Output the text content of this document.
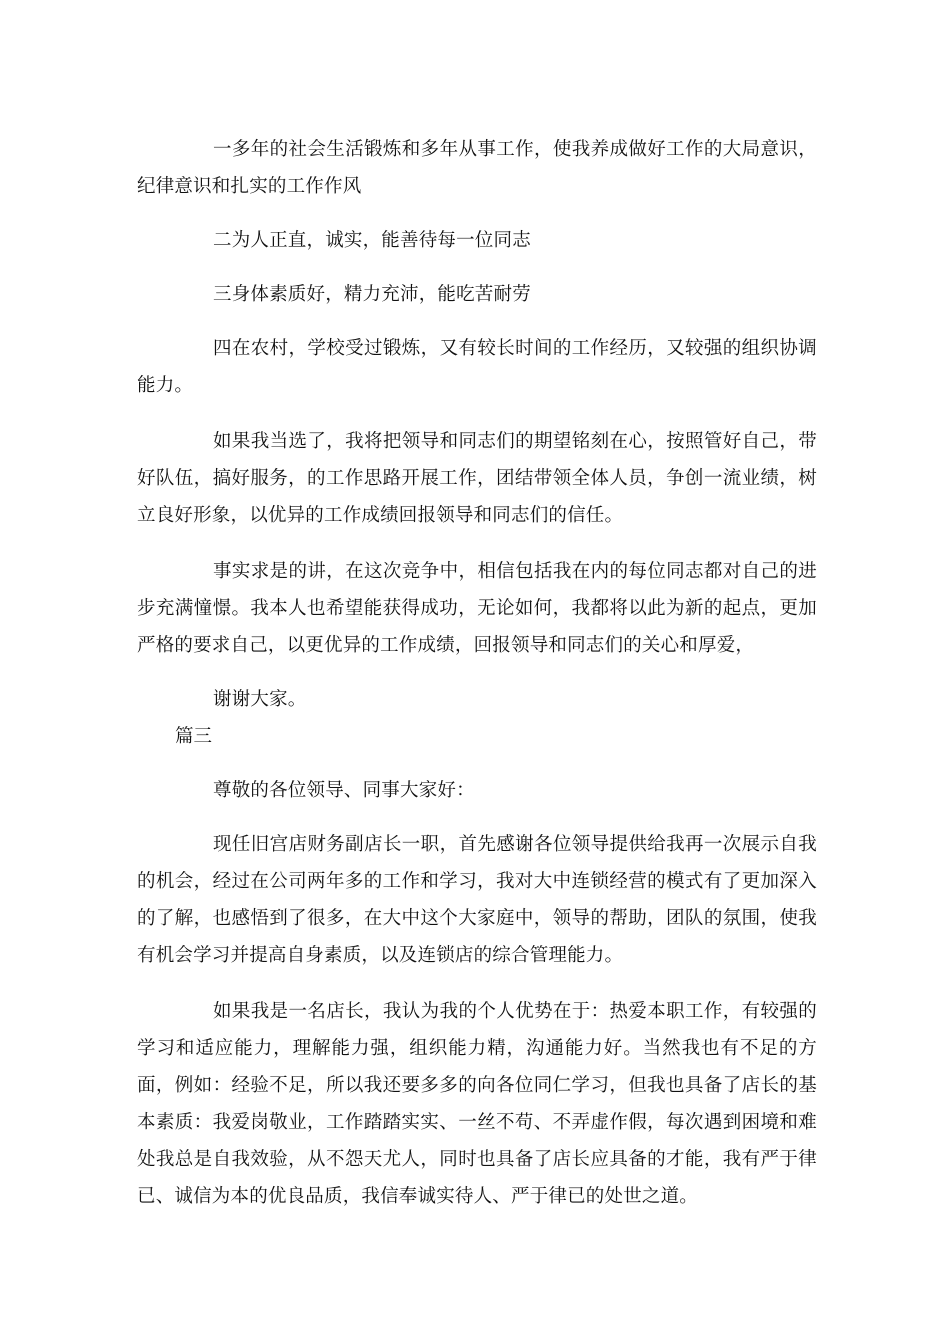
一多年的社会生活锻炼和多年从事工作，使我养成做好工作的大局意识，纪律意识和扎实的工作作风

二为人正直，诚实，能善待每一位同志

三身体素质好，精力充沛，能吃苦耐劳

四在农村，学校受过锻炼，又有较长时间的工作经历，又较强的组织协调能力。

如果我当选了，我将把领导和同志们的期望铭刻在心，按照管好自己，带好队伍，搞好服务，的工作思路开展工作，团结带领全体人员，争创一流业绩，树立良好形象，以优异的工作成绩回报领导和同志们的信任。

事实求是的讲，在这次竞争中，相信包括我在内的每位同志都对自己的进步充满憧憬。我本人也希望能获得成功，无论如何，我都将以此为新的起点，更加严格的要求自己，以更优异的工作成绩，回报领导和同志们的关心和厚爱，

谢谢大家。

篇三

尊敬的各位领导、同事大家好：

现任旧宫店财务副店长一职，首先感谢各位领导提供给我再一次展示自我的机会，经过在公司两年多的工作和学习，我对大中连锁经营的模式有了更加深入的了解，也感悟到了很多，在大中这个大家庭中，领导的帮助，团队的氛围，使我有机会学习并提高自身素质，以及连锁店的综合管理能力。

如果我是一名店长，我认为我的个人优势在于：热爱本职工作，有较强的学习和适应能力，理解能力强，组织能力精，沟通能力好。当然我也有不足的方面，例如：经验不足，所以我还要多多的向各位同仁学习，但我也具备了店长的基本素质：我爱岗敬业，工作踏踏实实、一丝不苟、不弄虚作假，每次遇到困境和难处我总是自我效验，从不怨天尤人，同时也具备了店长应具备的才能，我有严于律已、诚信为本的优良品质，我信奉诚实待人、严于律已的处世之道。
